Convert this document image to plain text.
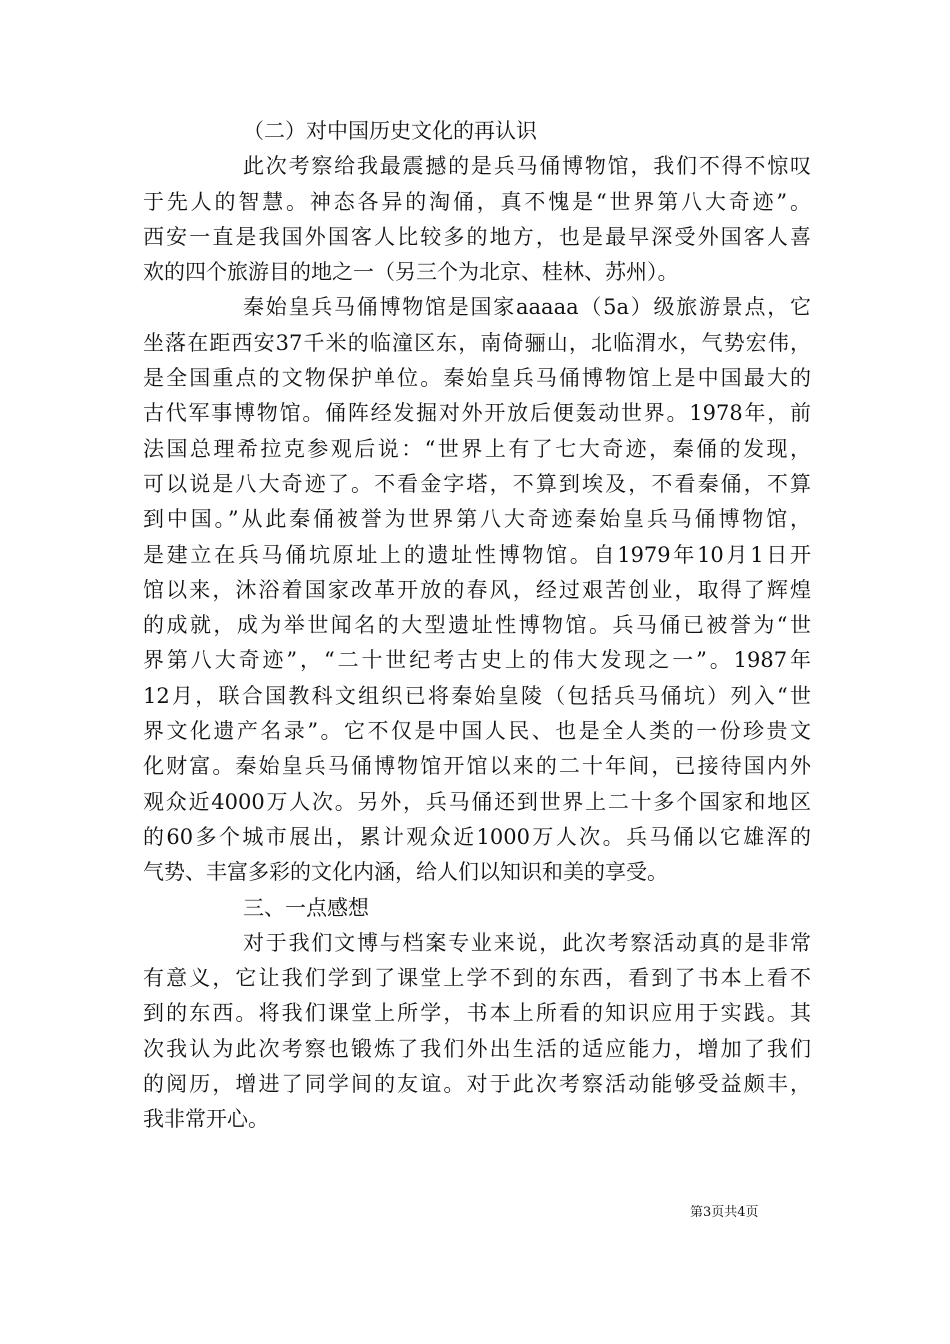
（二）对中国历史文化的再认识
此次考察给我最震撼的是兵马俑博物馆，我们不得不惊叹
于先人的智慧。神态各异的淘俑，真不愧是“世界第八大奇迹”。
西安一直是我国外国客人比较多的地方，也是最早深受外国客人喜
欢的四个旅游目的地之一（另三个为北京、桂林、苏州）。
秦始皇兵马俑博物馆是国家aaaaa（5a）级旅游景点，它
坐落在距西安37千米的临潼区东，南倚骊山，北临渭水，气势宏伟，
是全国重点的文物保护单位。秦始皇兵马俑博物馆上是中国最大的
古代军事博物馆。俑阵经发掘对外开放后便轰动世界。1978年，前
法国总理希拉克参观后说：“世界上有了七大奇迹，秦俑的发现，
可以说是八大奇迹了。不看金字塔，不算到埃及，不看秦俑，不算
到中国。”从此秦俑被誉为世界第八大奇迹秦始皇兵马俑博物馆，
是建立在兵马俑坑原址上的遗址性博物馆。自1979年10月1日开
馆以来，沐浴着国家改革开放的春风，经过艰苦创业，取得了辉煌
的成就，成为举世闻名的大型遗址性博物馆。兵马俑已被誉为“世
界第八大奇迹”，“二十世纪考古史上的伟大发现之一”。1987年
12月，联合国教科文组织已将秦始皇陵（包括兵马俑坑）列入“世
界文化遗产名录”。它不仅是中国人民、也是全人类的一份珍贵文
化财富。秦始皇兵马俑博物馆开馆以来的二十年间，已接待国内外
观众近4000万人次。另外，兵马俑还到世界上二十多个国家和地区
的60多个城市展出，累计观众近1000万人次。兵马俑以它雄浑的
气势、丰富多彩的文化内涵，给人们以知识和美的享受。
三、一点感想
对于我们文博与档案专业来说，此次考察活动真的是非常
有意义，它让我们学到了课堂上学不到的东西，看到了书本上看不
到的东西。将我们课堂上所学，书本上所看的知识应用于实践。其
次我认为此次考察也锻炼了我们外出生活的适应能力，增加了我们
的阅历，增进了同学间的友谊。对于此次考察活动能够受益颇丰，
我非常开心。
第3页共4页
